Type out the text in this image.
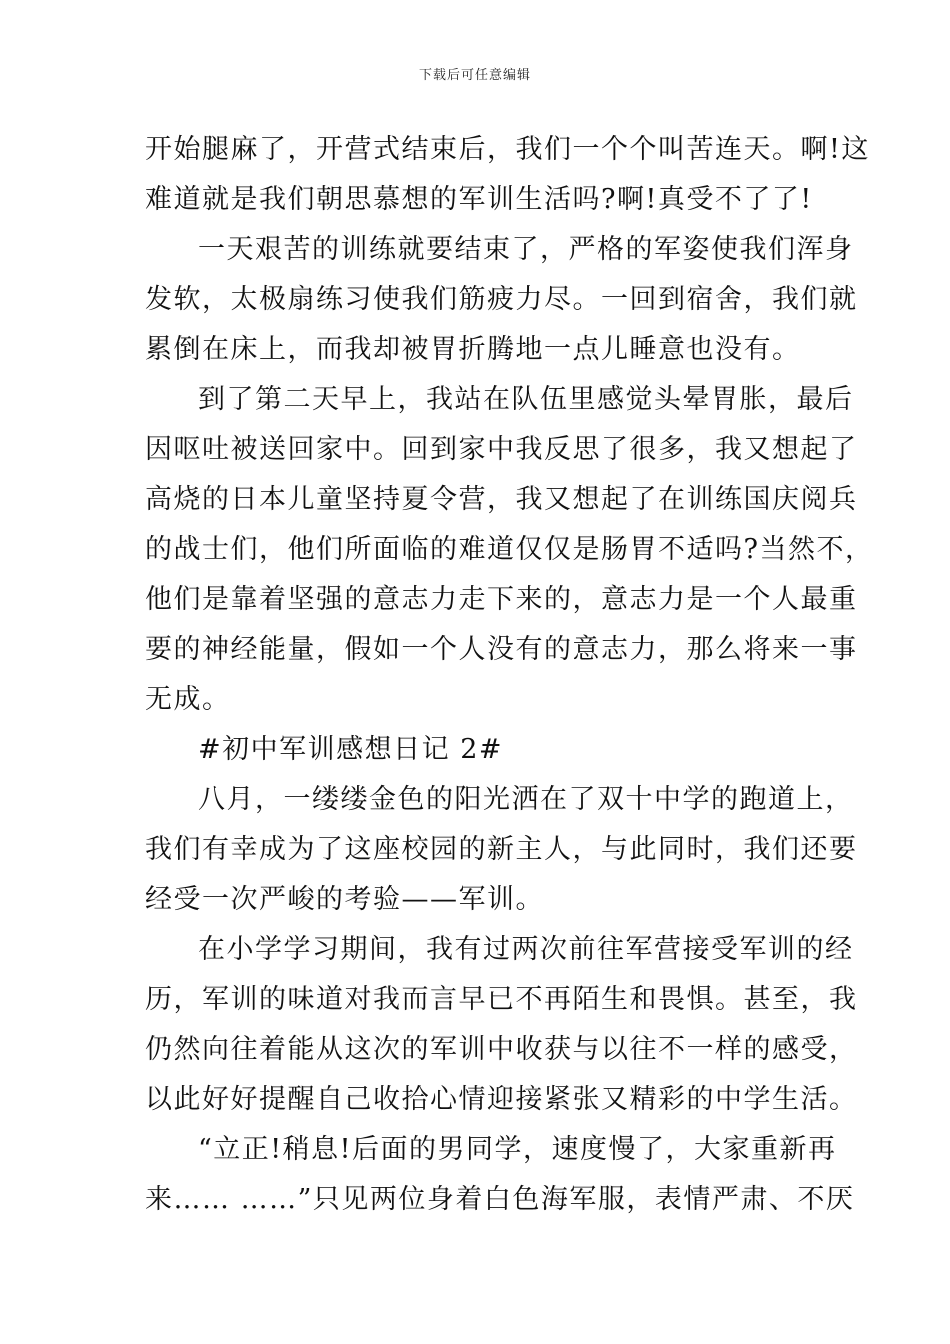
下载后可任意编辑
开始腿麻了，开营式结束后，我们一个个叫苦连天。啊!这
难道就是我们朝思慕想的军训生活吗?啊!真受不了了!
一天艰苦的训练就要结束了，严格的军姿使我们浑身
发软，太极扇练习使我们筋疲力尽。一回到宿舍，我们就
累倒在床上，而我却被胃折腾地一点儿睡意也没有。
到了第二天早上，我站在队伍里感觉头晕胃胀，最后
因呕吐被送回家中。回到家中我反思了很多，我又想起了
高烧的日本儿童坚持夏令营，我又想起了在训练国庆阅兵
的战士们，他们所面临的难道仅仅是肠胃不适吗?当然不，
他们是靠着坚强的意志力走下来的，意志力是一个人最重
要的神经能量，假如一个人没有的意志力，那么将来一事
无成。
#初中军训感想日记 2#
八月，一缕缕金色的阳光洒在了双十中学的跑道上，
我们有幸成为了这座校园的新主人，与此同时，我们还要
经受一次严峻的考验——军训。
在小学学习期间，我有过两次前往军营接受军训的经
历，军训的味道对我而言早已不再陌生和畏惧。甚至，我
仍然向往着能从这次的军训中收获与以往不一样的感受，
以此好好提醒自己收拾心情迎接紧张又精彩的中学生活。
“立正!稍息!后面的男同学，速度慢了，大家重新再
来…… ……”只见两位身着白色海军服，表情严肃、不厌
